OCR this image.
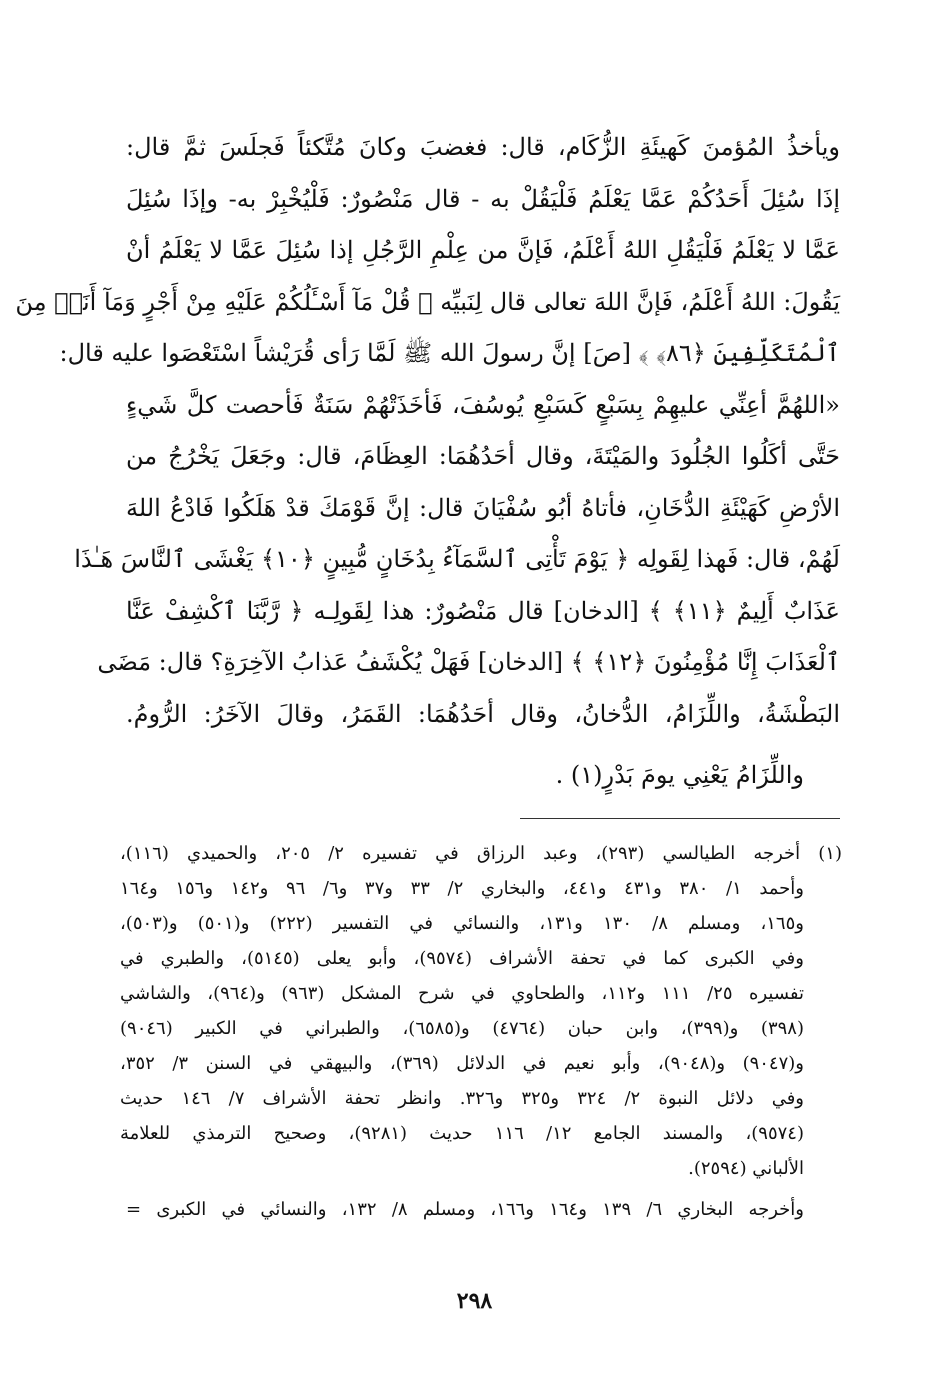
ويأخذُ المُؤمنَ كَهيئَةِ الزُّكَام، قال: فغضبَ وكانَ مُتَّكئاً فَجلَسَ ثمَّ قال:
إذَا سُئِلَ أَحَدُكُمْ عَمَّا يَعْلَمُ فَلْيَقُلْ به - قال مَنْصُورٌ: فَلْيُخْبِرْ به- وإذَا سُئِلَ
عَمَّا لا يَعْلَمُ فَلْيَقُلِ اللهُ أَعْلَمُ، فَإنَّ من عِلْمِ الرَّجُلِ إذا سُئِلَ عَمَّا لا يَعْلَمُ أنْ
يَقُولَ: اللهُ أَعْلَمُ، فَإنَّ اللهَ تعالى قال لِنَبيِّه ﴿ قُلْ مَآ أَسْـَٔلُكُمْ عَلَيْهِ مِنْ أَجْرٍ وَمَآ أَنَا۠ مِنَ
ٱلْمُتَكَلِّفِينَ ﴿٨٦﴾ ﴾ [صَ] إنَّ رسولَ الله ﷺ لَمَّا رَأى قُرَيْشاً اسْتَعْصَوا عليه قال:
«اللهُمَّ أعِنِّي عليهِمْ بِسَبْعٍ كَسَبْعِ يُوسُفَ، فَأخَذَتْهُمْ سَنَةٌ فَأحصت كلَّ شَيءٍ
حَتَّى أكَلُوا الجُلُودَ والمَيْتَةَ، وقال أحَدُهُمَا: العِظَامَ، قال: وجَعَلَ يَخْرُجُ من
الأرْضِ كَهَيْئَةِ الدُّخَانِ، فأتاهُ أبُو سُفْيَانَ قال: إنَّ قَوْمَكَ قدْ هَلَكُوا فَادْعُ اللهَ
لَهُمْ، قال: فَهذا لِقَولِه ﴿ يَوْمَ تَأْتِى ٱلسَّمَآءُ بِدُخَانٍ مُّبِينٍ ﴿١٠﴾ يَغْشَى ٱلنَّاسَ هَـٰذَا
عَذَابٌ أَلِيمٌ ﴿١١﴾ ﴾ [الدخان] قال مَنْصُورٌ: هذا لِقَولِـه ﴿ رَّبَّنَا ٱكْشِفْ عَنَّا
ٱلْعَذَابَ إِنَّا مُؤْمِنُونَ ﴿١٢﴾ ﴾ [الدخان] فَهَلْ يُكْشَفُ عَذابُ الآخِرَةِ؟ قال: مَضَى
البَطْشَةُ، واللِّزَامُ، الدُّخانُ، وقال أحَدُهُمَا: القَمَرُ، وقالَ الآخَرُ: الرُّومُ.
واللِّزَامُ يَعْنِي يومَ بَدْرٍ(١) .
(١) أخرجه الطيالسي (٢٩٣)، وعبد الرزاق في تفسيره ٢/ ٢٠٥، والحميدي (١١٦)،
وأحمد ١/ ٣٨٠ و٤٣١ و٤٤١، والبخاري ٢/ ٣٣ و٣٧ و٦/ ٩٦ و١٤٢ و١٥٦ و١٦٤
و١٦٥، ومسلم ٨/ ١٣٠ و١٣١، والنسائي في التفسير (٢٢٢) و(٥٠١) و(٥٠٣)،
وفي الكبرى كما في تحفة الأشراف (٩٥٧٤)، وأبو يعلى (٥١٤٥)، والطبري في
تفسيره ٢٥/ ١١١ و١١٢، والطحاوي في شرح المشكل (٩٦٣) و(٩٦٤)، والشاشي
(٣٩٨) و(٣٩٩)، وابن حبان (٤٧٦٤) و(٦٥٨٥)، والطبراني في الكبير (٩٠٤٦)
و(٩٠٤٧) و(٩٠٤٨)، وأبو نعيم في الدلائل (٣٦٩)، والبيهقي في السنن ٣/ ٣٥٢،
وفي دلائل النبوة ٢/ ٣٢٤ و٣٢٥ و٣٢٦. وانظر تحفة الأشراف ٧/ ١٤٦ حديث
(٩٥٧٤)، والمسند الجامع ١٢/ ١١٦ حديث (٩٢٨١)، وصحيح الترمذي للعلامة
الألباني (٢٥٩٤).
وأخرجه البخاري ٦/ ١٣٩ و١٦٤ و١٦٦، ومسلم ٨/ ١٣٢، والنسائي في الكبرى =
٢٩٨
